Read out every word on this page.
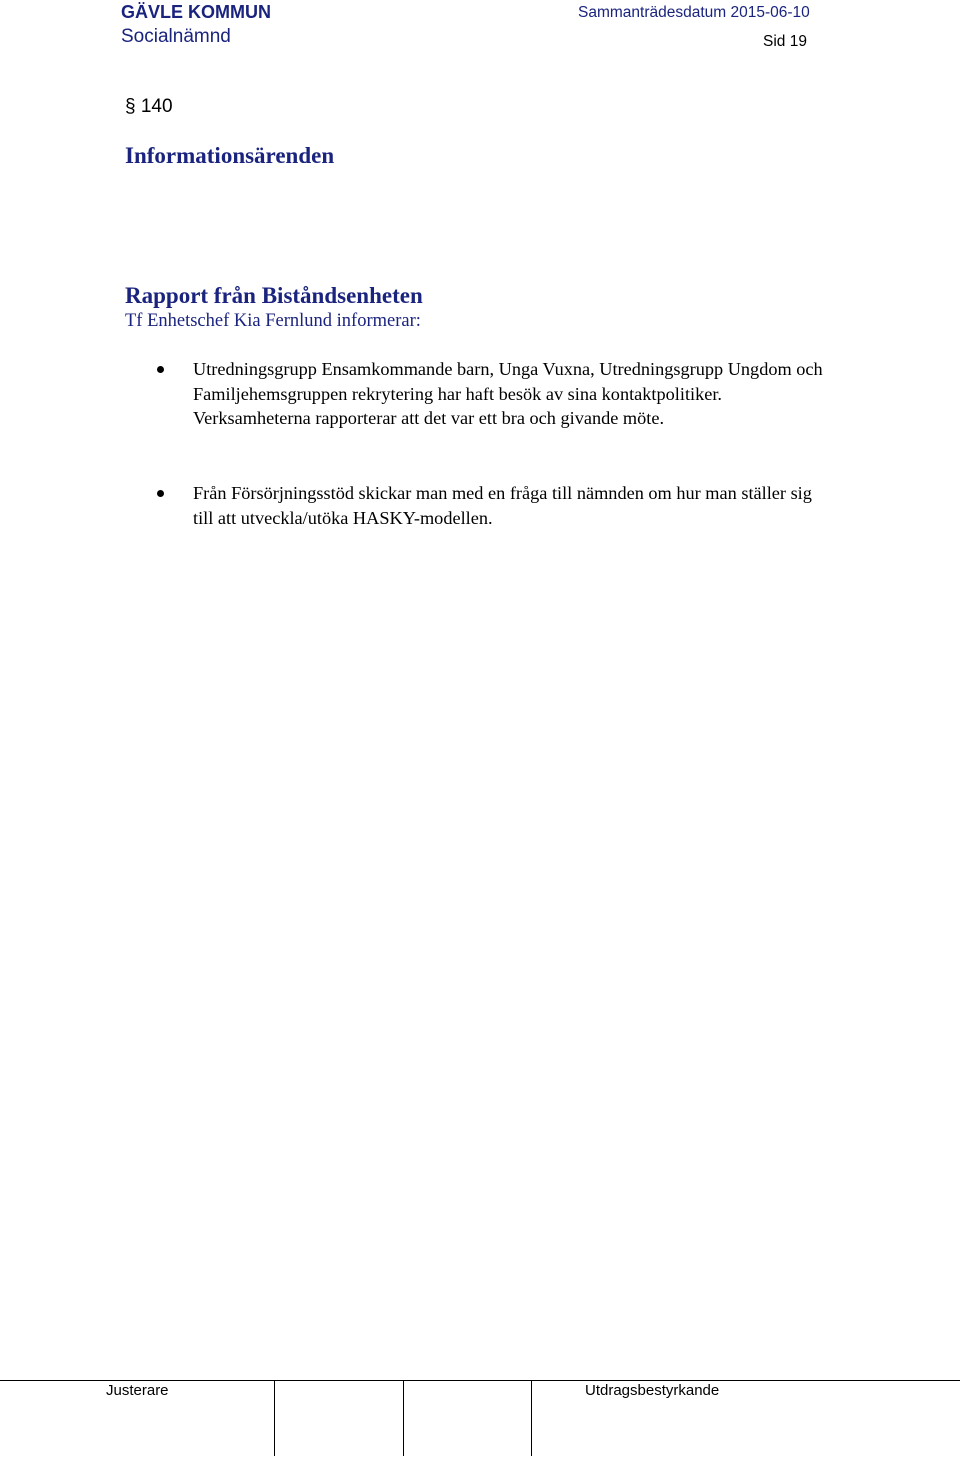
GÄVLE KOMMUN
Socialnämnd
Sammanträdesdatum 2015-06-10
Sid 19
§ 140
Informationsärenden
Rapport från Biståndsenheten
Tf Enhetschef Kia Fernlund informerar:
Utredningsgrupp Ensamkommande barn, Unga Vuxna, Utredningsgrupp Ungdom och Familjehemsgruppen rekrytering har haft besök av sina kontaktpolitiker. Verksamheterna rapporterar att det var ett bra och givande möte.
Från Försörjningsstöd skickar man med en fråga till nämnden om hur man ställer sig till att utveckla/utöka HASKY-modellen.
Justerare	Utdragsbestyrkande
